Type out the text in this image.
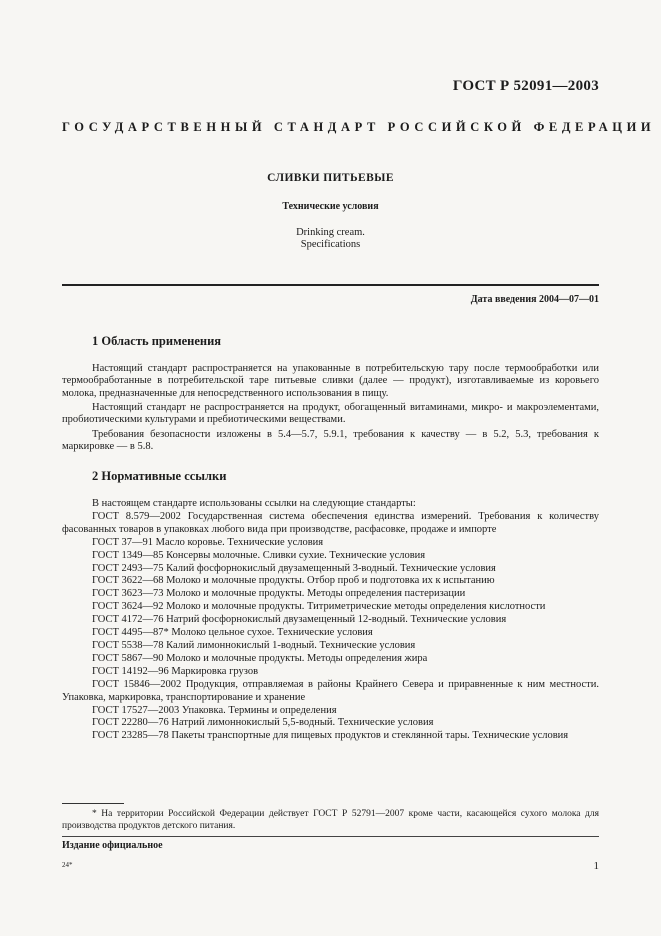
ГОСТ Р 52091—2003
ГОСУДАРСТВЕННЫЙ СТАНДАРТ РОССИЙСКОЙ ФЕДЕРАЦИИ
СЛИВКИ ПИТЬЕВЫЕ
Технические условия
Drinking cream.
Specifications
Дата введения 2004—07—01
1 Область применения
Настоящий стандарт распространяется на упакованные в потребительскую тару после термообработки или термообработанные в потребительской таре питьевые сливки (далее — продукт), изготавливаемые из коровьего молока, предназначенные для непосредственного использования в пищу.
Настоящий стандарт не распространяется на продукт, обогащенный витаминами, микро- и макроэлементами, пробиотическими культурами и пребиотическими веществами.
Требования безопасности изложены в 5.4—5.7, 5.9.1, требования к качеству — в 5.2, 5.3, требования к маркировке — в 5.8.
2 Нормативные ссылки
В настоящем стандарте использованы ссылки на следующие стандарты:
ГОСТ 8.579—2002 Государственная система обеспечения единства измерений. Требования к количеству фасованных товаров в упаковках любого вида при производстве, расфасовке, продаже и импорте
ГОСТ 37—91 Масло коровье. Технические условия
ГОСТ 1349—85 Консервы молочные. Сливки сухие. Технические условия
ГОСТ 2493—75 Калий фосфорнокислый двузамещенный 3-водный. Технические условия
ГОСТ 3622—68 Молоко и молочные продукты. Отбор проб и подготовка их к испытанию
ГОСТ 3623—73 Молоко и молочные продукты. Методы определения пастеризации
ГОСТ 3624—92 Молоко и молочные продукты. Титриметрические методы определения кислотности
ГОСТ 4172—76 Натрий фосфорнокислый двузамещенный 12-водный. Технические условия
ГОСТ 4495—87* Молоко цельное сухое. Технические условия
ГОСТ 5538—78 Калий лимоннокислый 1-водный. Технические условия
ГОСТ 5867—90 Молоко и молочные продукты. Методы определения жира
ГОСТ 14192—96 Маркировка грузов
ГОСТ 15846—2002 Продукция, отправляемая в районы Крайнего Севера и приравненные к ним местности. Упаковка, маркировка, транспортирование и хранение
ГОСТ 17527—2003 Упаковка. Термины и определения
ГОСТ 22280—76 Натрий лимоннокислый 5,5-водный. Технические условия
ГОСТ 23285—78 Пакеты транспортные для пищевых продуктов и стеклянной тары. Технические условия
* На территории Российской Федерации действует ГОСТ Р 52791—2007 кроме части, касающейся сухого молока для производства продуктов детского питания.
Издание официальное
24*	1
